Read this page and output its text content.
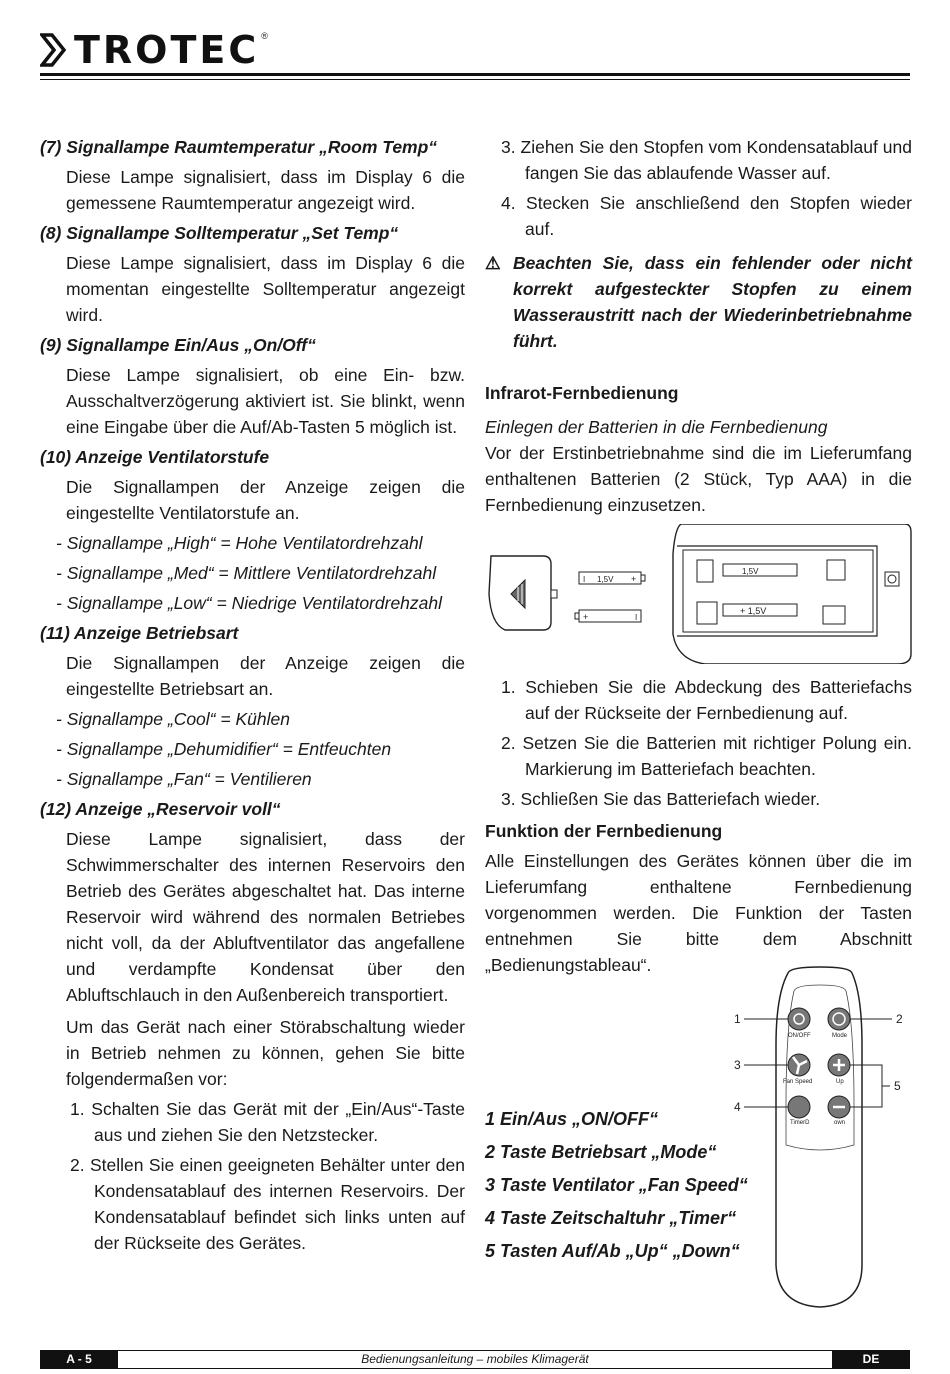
TROTEC ®

(7) Signallampe Raumtemperatur „Room Temp“

Diese Lampe signalisiert, dass im Display 6 die gemessene Raumtemperatur angezeigt wird.

(8) Signallampe Solltemperatur „Set Temp“

Diese Lampe signalisiert, dass im Display 6 die momentan eingestellte Solltemperatur angezeigt wird.

(9) Signallampe Ein/Aus „On/Off“

Diese Lampe signalisiert, ob eine Ein- bzw. Ausschaltverzögerung aktiviert ist. Sie blinkt, wenn eine Eingabe über die Auf/Ab-Tasten 5 möglich ist.

(10) Anzeige Ventilatorstufe

Die Signallampen der Anzeige zeigen die eingestellte Ventilatorstufe an.

- Signallampe „High“ = Hohe Ventilatordrehzahl

- Signallampe „Med“ = Mittlere Ventilatordrehzahl

- Signallampe „Low“ = Niedrige Ventilatordrehzahl

(11) Anzeige Betriebsart

Die Signallampen der Anzeige zeigen die eingestellte Betriebsart an.

- Signallampe „Cool“ = Kühlen

- Signallampe „Dehumidifier“ = Entfeuchten

- Signallampe „Fan“ = Ventilieren

(12) Anzeige „Reservoir voll“

Diese Lampe signalisiert, dass der Schwimmerschalter des internen Reservoirs den Betrieb des Gerätes abgeschaltet hat. Das interne Reservoir wird während des normalen Betriebes nicht voll, da der Abluftventilator das angefallene und verdampfte Kondensat über den Abluftschlauch in den Außenbereich transportiert.

Um das Gerät nach einer Störabschaltung wieder in Betrieb nehmen zu können, gehen Sie bitte folgendermaßen vor:

1. Schalten Sie das Gerät mit der „Ein/Aus“-Taste aus und ziehen Sie den Netzstecker.

2. Stellen Sie einen geeigneten Behälter unter den Kondensatablauf des internen Reservoirs. Der Kondensatablauf befindet sich links unten auf der Rückseite des Gerätes.

3. Ziehen Sie den Stopfen vom Kondensatablauf und fangen Sie das ablaufende Wasser auf.

4. Stecken Sie anschließend den Stopfen wieder auf.

⚠ Beachten Sie, dass ein fehlender oder nicht korrekt aufgesteckter Stopfen zu einem Wasseraustritt nach der Wiederinbetriebnahme führt.

Infrarot-Fernbedienung

Einlegen der Batterien in die Fernbedienung

Vor der Erstinbetriebnahme sind die im Lieferumfang enthaltenen Batterien (2 Stück, Typ AAA) in die Fernbedienung einzusetzen.

1,5V
I	+
+	I
1,5V
+ 1,5V

1. Schieben Sie die Abdeckung des Batteriefachs auf der Rückseite der Fernbedienung auf.

2. Setzen Sie die Batterien mit richtiger Polung ein. Markierung im Batteriefach beachten.

3. Schließen Sie das Batteriefach wieder.

Funktion der Fernbedienung

Alle Einstellungen des Gerätes können über die im Lieferumfang enthaltene Fernbedienung vorgenommen werden. Die Funktion der Tasten entnehmen Sie bitte dem Abschnitt „Bedienungstableau“.

ON/OFF	Mode
Fan Speed	Up
TimerD	own
1	2
3
4
5
1 Ein/Aus „ON/OFF“
2 Taste Betriebsart „Mode“
3 Taste Ventilator „Fan Speed“
4 Taste Zeitschaltuhr „Timer“
5 Tasten Auf/Ab „Up“ „Down“
A - 5	Bedienungsanleitung – mobiles Klimagerät	DE
